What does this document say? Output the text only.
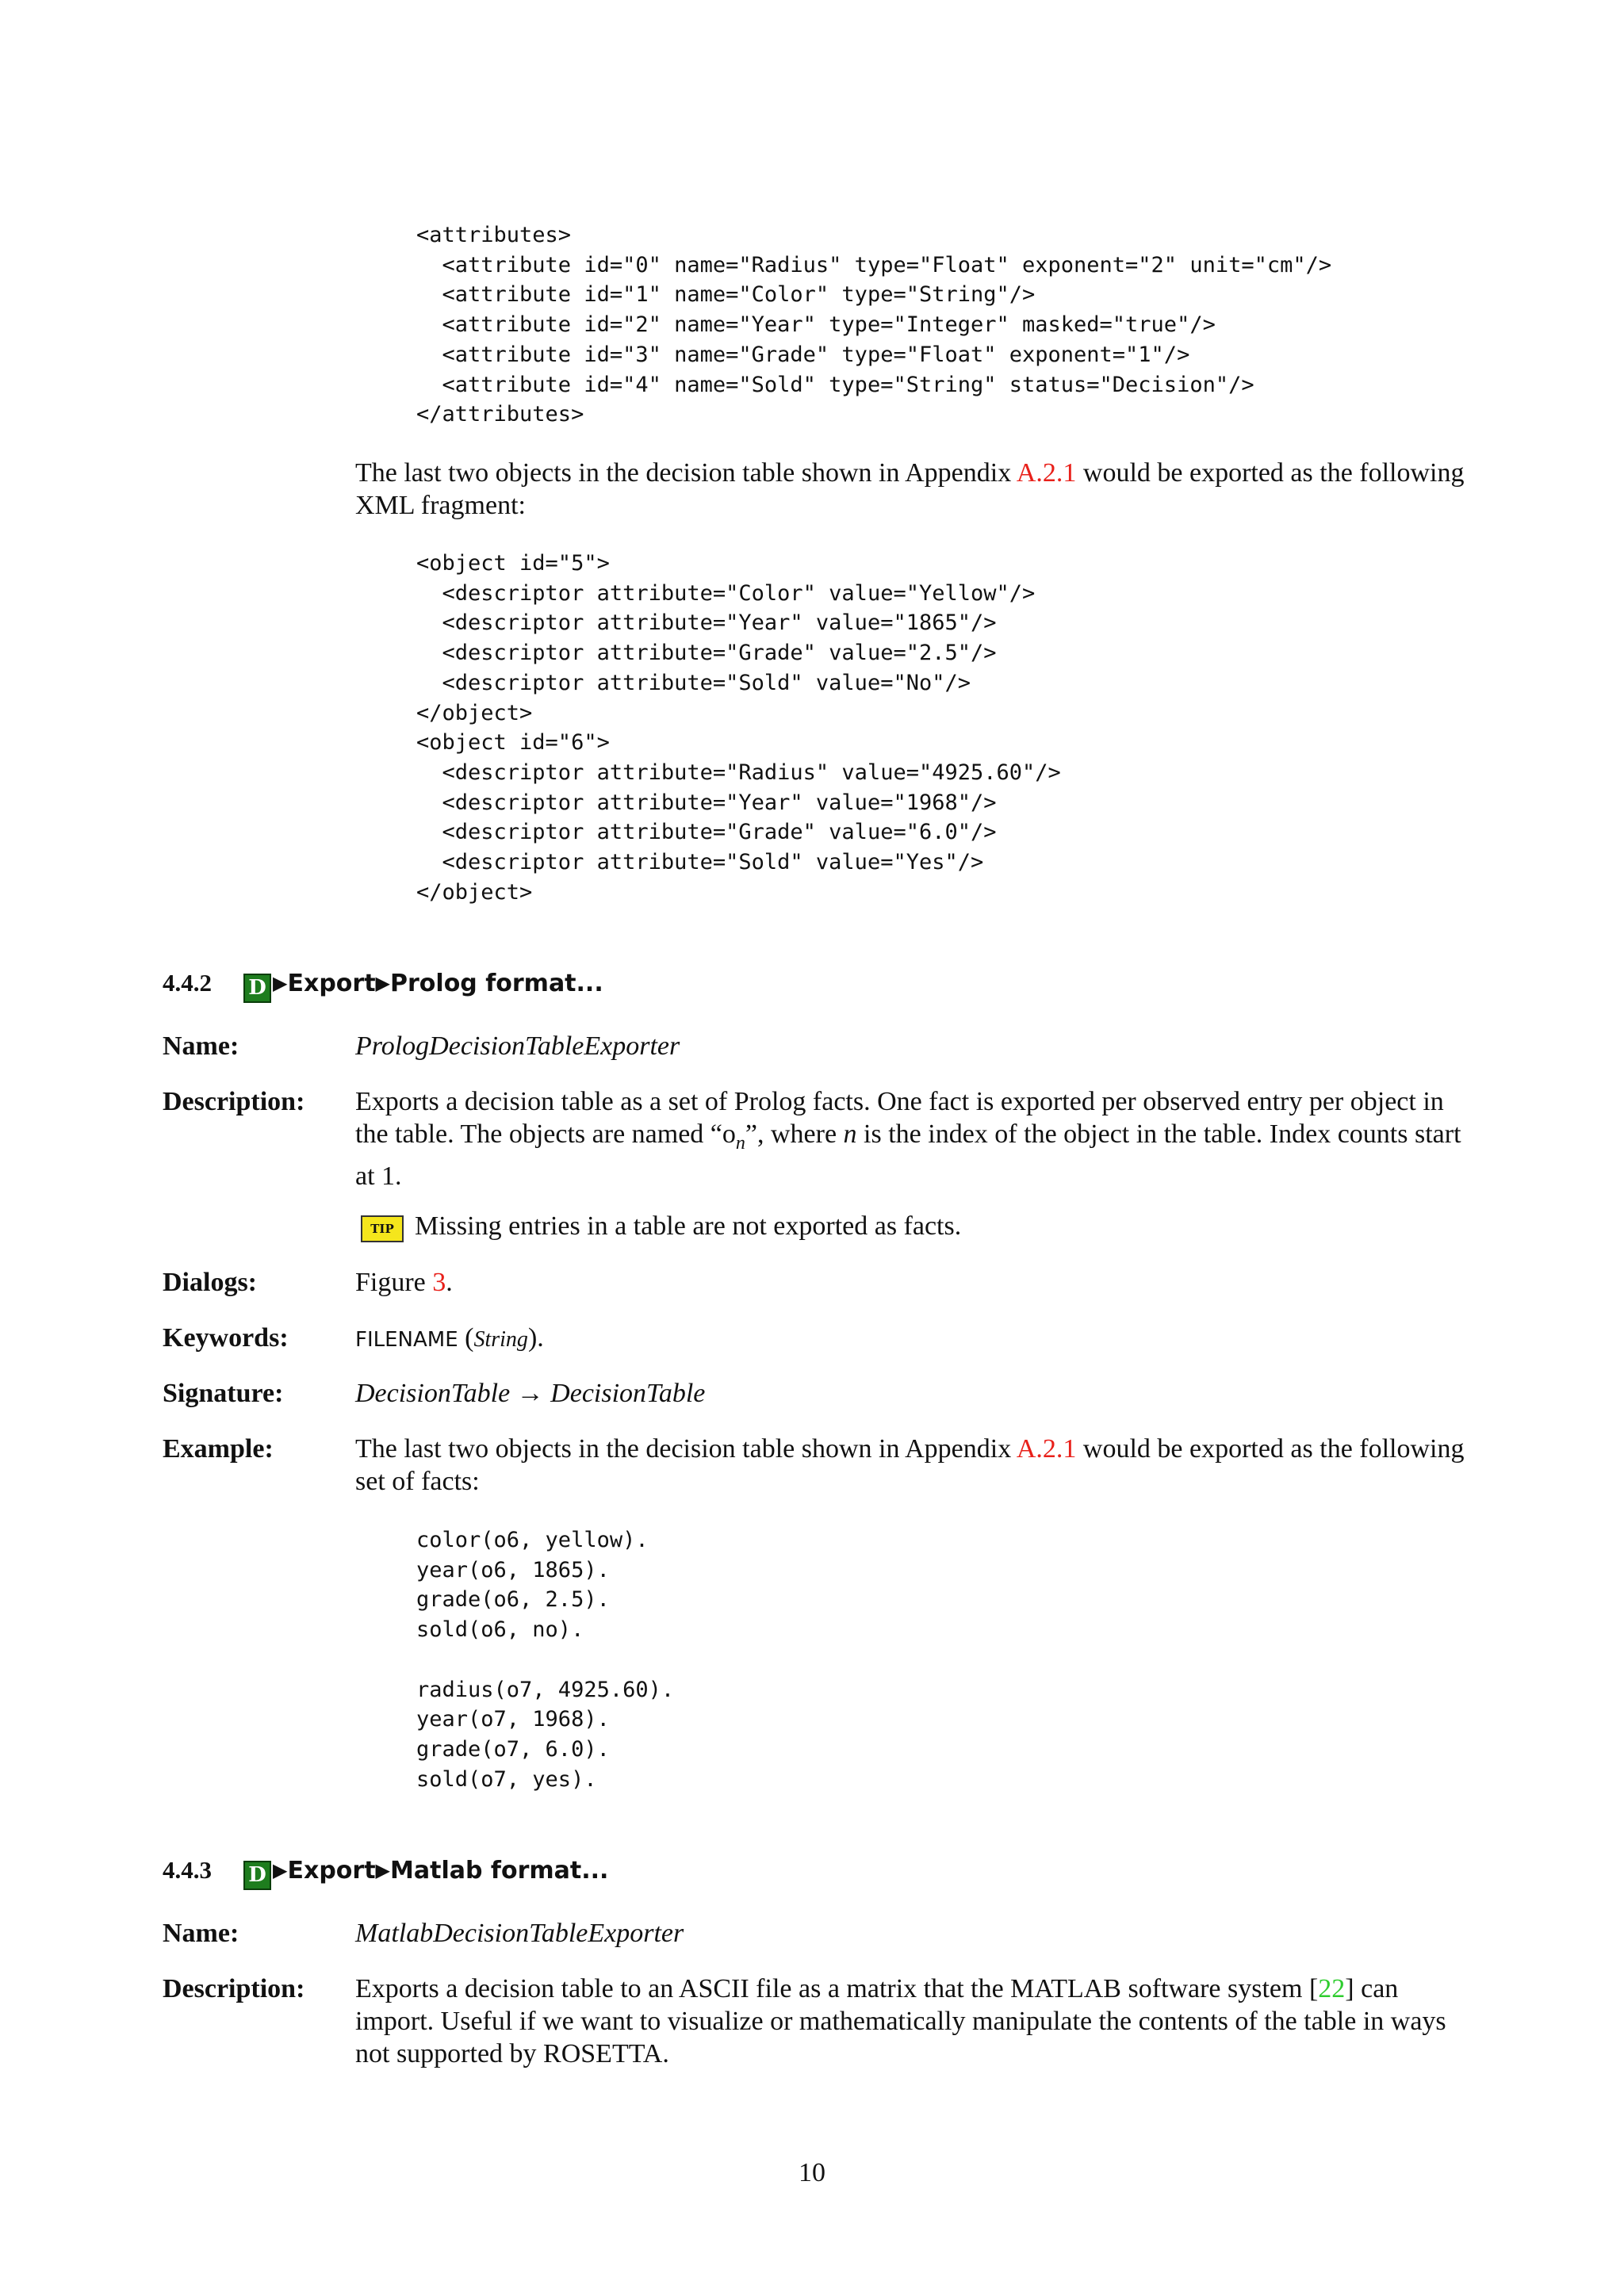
<attributes>
<attribute id="0" name="Radius" type="Float" exponent="2" unit="cm"/>
<attribute id="1" name="Color" type="String"/>
<attribute id="2" name="Year" type="Integer" masked="true"/>
<attribute id="3" name="Grade" type="Float" exponent="1"/>
<attribute id="4" name="Sold" type="String" status="Decision"/>
</attributes>

The last two objects in the decision table shown in Appendix A.2.1 would be exported as the following XML fragment:

<object id="5">
<descriptor attribute="Color" value="Yellow"/>
<descriptor attribute="Year" value="1865"/>
<descriptor attribute="Grade" value="2.5"/>
<descriptor attribute="Sold" value="No"/>
</object>
<object id="6">
<descriptor attribute="Radius" value="4925.60"/>
<descriptor attribute="Year" value="1968"/>
<descriptor attribute="Grade" value="6.0"/>
<descriptor attribute="Sold" value="Yes"/>
</object>
4.4.2 D ▶Export▶Prolog format...
Name:	PrologDecisionTableExporter

Description: Exports a decision table as a set of Prolog facts. One fact is exported per observed entry per object in the table. The objects are named “$o_n$”, where n is the index of the object in the table. Index counts start at 1.

TIP Missing entries in a table are not exported as facts.

Dialogs:	Figure 3.

Keywords:	FILENAME (String).

Signature:	DecisionTable → DecisionTable

Example:	The last two objects in the decision table shown in Appendix A.2.1 would be exported as the following set of facts:

color(o6, yellow).
year(o6, 1865).
grade(o6, 2.5).
sold(o6, no).

radius(o7, 4925.60).
year(o7, 1968).
grade(o7, 6.0).
sold(o7, yes).
4.4.3 D ▶Export▶Matlab format...
Name:	MatlabDecisionTableExporter

Description: Exports a decision table to an ASCII file as a matrix that the MATLAB software system [22] can import. Useful if we want to visualize or mathematically manipulate the contents of the table in ways not supported by ROSETTA.

10
